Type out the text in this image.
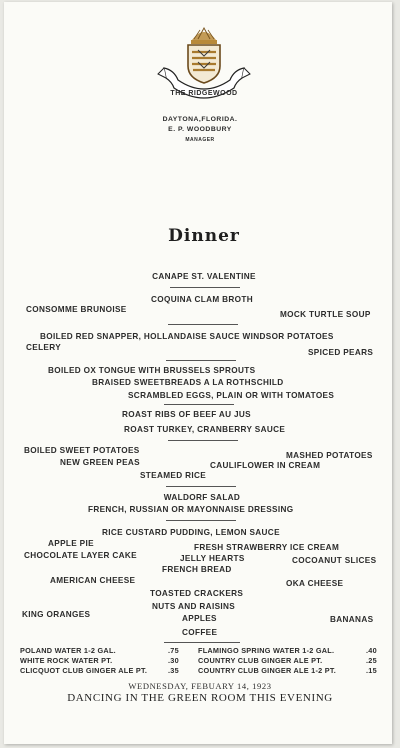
THE RIDGEWOOD
DAYTONA,FLORIDA.
E. P. WOODBURY
MANAGER
Dinner
CANAPE ST. VALENTINE
COQUINA CLAM BROTH
CONSOMME BRUNOISE
MOCK TURTLE SOUP
BOILED RED SNAPPER, HOLLANDAISE SAUCE WINDSOR POTATOES
CELERY
SPICED PEARS
BOILED OX TONGUE WITH BRUSSELS SPROUTS
BRAISED SWEETBREADS A LA ROTHSCHILD
SCRAMBLED EGGS, PLAIN OR WITH TOMATOES
ROAST RIBS OF BEEF AU JUS
ROAST TURKEY, CRANBERRY SAUCE
BOILED SWEET POTATOES
MASHED POTATOES
NEW GREEN PEAS	CAULIFLOWER IN CREAM
STEAMED RICE
WALDORF SALAD
FRENCH, RUSSIAN OR MAYONNAISE DRESSING
RICE CUSTARD PUDDING, LEMON SAUCE
APPLE PIE	FRESH STRAWBERRY ICE CREAM
CHOCOLATE LAYER CAKE	JELLY HEARTS	COCOANUT SLICES
FRENCH BREAD
AMERICAN CHEESE	OKA CHEESE
TOASTED CRACKERS
NUTS AND RAISINS
KING ORANGES	APPLES	BANANAS
COFFEE
POLAND WATER 1-2 GAL.	.75	FLAMINGO SPRING WATER 1-2 GAL.	.40
WHITE ROCK WATER PT.	.30	COUNTRY CLUB GINGER ALE PT.	.25
CLICQUOT CLUB GINGER ALE PT.	.35	COUNTRY CLUB GINGER ALE 1-2 PT.	.15
WEDNESDAY, FEBUARY 14, 1923
DANCING IN THE GREEN ROOM THIS EVENING
